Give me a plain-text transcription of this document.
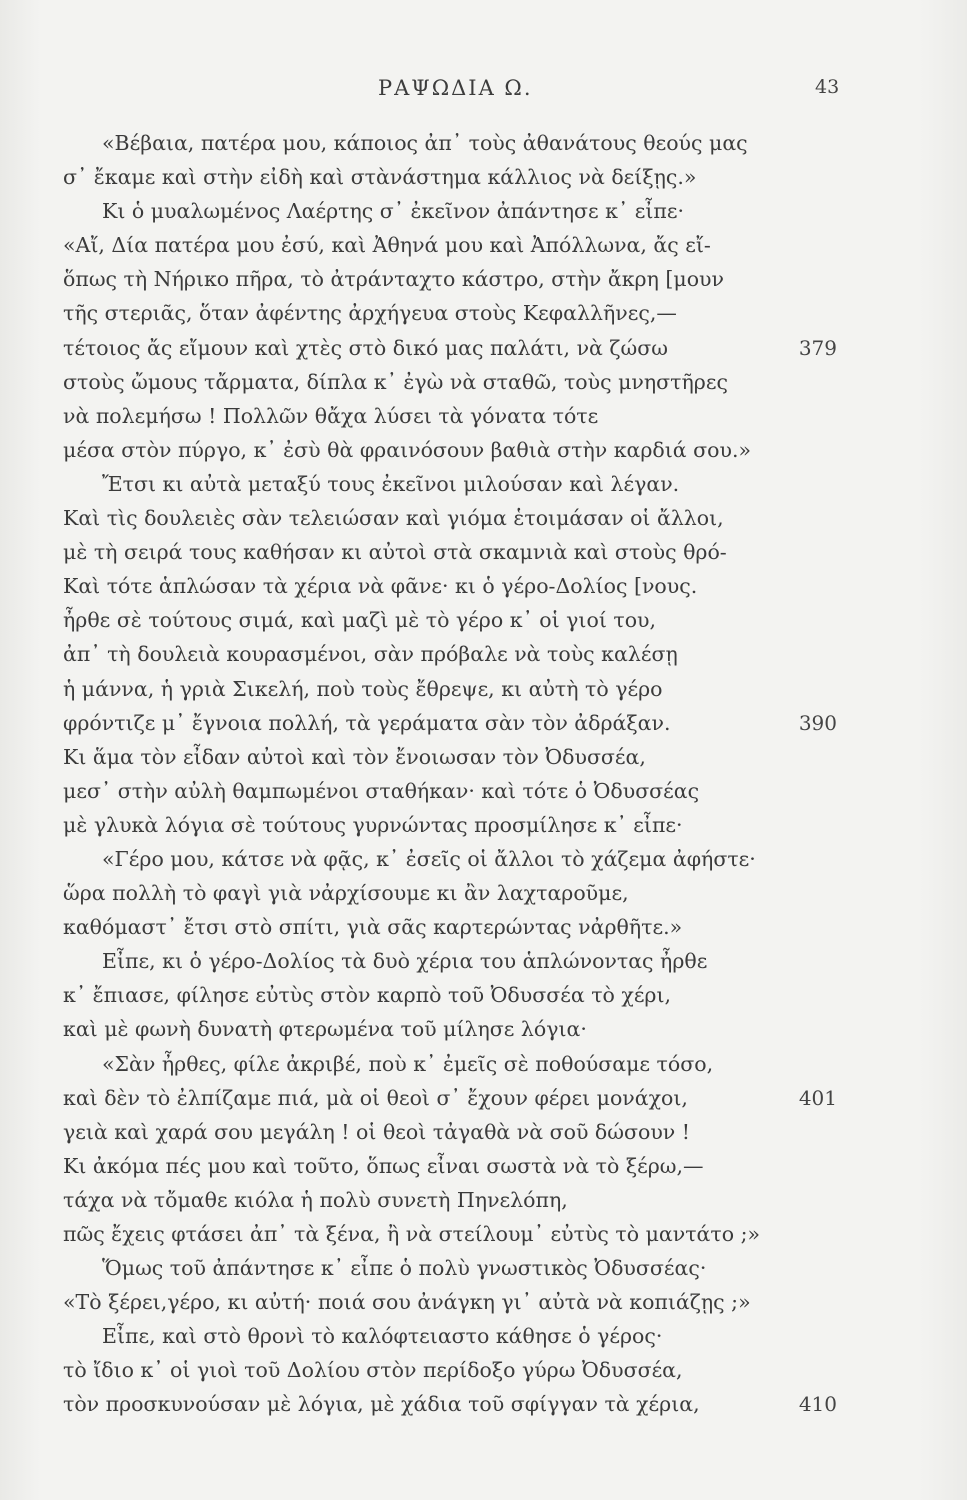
ΡΑΨΩΔΙΑ Ω.	43
«Βέβαια, πατέρα μου, κάποιος ἀπ᾽ τοὺς ἀθανάτους θεούς μας
σ᾽ ἔκαμε καὶ στὴν εἰδὴ καὶ στὰνάστημα κάλλιος νὰ δείξῃς.»
Κι ὁ μυαλωμένος Λαέρτης σ᾽ ἐκεῖνον ἀπάντησε κ᾽ εἶπε·
«Αἴ, Δία πατέρα μου ἐσύ, καὶ Ἀθηνά μου καὶ Ἀπόλλωνα, ἄς εἴ-
ὅπως τὴ Νήρικο πῆρα, τὸ ἀτράνταχτο κάστρο, στὴν ἄκρη [μουν
τῆς στεριᾶς, ὅταν ἀφέντης ἀρχήγευα στοὺς Κεφαλλῆνες,—
τέτοιος ἄς εἴμουν καὶ χτὲς στὸ δικό μας παλάτι, νὰ ζώσω	379
στοὺς ὤμους τἄρματα, δίπλα κ᾽ ἐγὼ νὰ σταθῶ, τοὺς μνηστῆρες
νὰ πολεμήσω ! Πολλῶν θἄχα λύσει τὰ γόνατα τότε
μέσα στὸν πύργο, κ᾽ ἐσὺ θὰ φραινόσουν βαθιὰ στὴν καρδιά σου.»
Ἔτσι κι αὐτὰ μεταξύ τους ἐκεῖνοι μιλούσαν καὶ λέγαν.
Καὶ τὶς δουλειὲς σὰν τελειώσαν καὶ γιόμα ἑτοιμάσαν οἱ ἄλλοι,
μὲ τὴ σειρά τους καθήσαν κι αὐτοὶ στὰ σκαμνιὰ καὶ στοὺς θρό-
Καὶ τότε ἁπλώσαν τὰ χέρια νὰ φᾶνε· κι ὁ γέρο-Δολίος [νους.
ἦρθε σὲ τούτους σιμά, καὶ μαζὶ μὲ τὸ γέρο κ᾽ οἱ γιοί του,
ἀπ᾽ τὴ δουλειὰ κουρασμένοι, σὰν πρόβαλε νὰ τοὺς καλέσῃ
ἡ μάννα, ἡ γριὰ Σικελή, ποὺ τοὺς ἔθρεψε, κι αὐτὴ τὸ γέρο
φρόντιζε μ᾽ ἔγνοια πολλή, τὰ γεράματα σὰν τὸν ἀδράξαν.	390
Κι ἅμα τὸν εἶδαν αὐτοὶ καὶ τὸν ἔνοιωσαν τὸν Ὀδυσσέα,
μεσ᾽ στὴν αὐλὴ θαμπωμένοι σταθήκαν· καὶ τότε ὁ Ὀδυσσέας
μὲ γλυκὰ λόγια σὲ τούτους γυρνώντας προσμίλησε κ᾽ εἶπε·
«Γέρο μου, κάτσε νὰ φᾷς, κ᾽ ἐσεῖς οἱ ἄλλοι τὸ χάζεμα ἀφήστε·
ὥρα πολλὴ τὸ φαγὶ γιὰ νἀρχίσουμε κι ἂν λαχταροῦμε,
καθόμαστ᾽ ἔτσι στὸ σπίτι, γιὰ σᾶς καρτερώντας νἀρθῆτε.»
Εἶπε, κι ὁ γέρο-Δολίος τὰ δυὸ χέρια του ἁπλώνοντας ἦρθε
κ᾽ ἔπιασε, φίλησε εὐτὺς στὸν καρπὸ τοῦ Ὀδυσσέα τὸ χέρι,
καὶ μὲ φωνὴ δυνατὴ φτερωμένα τοῦ μίλησε λόγια·
«Σὰν ἦρθες, φίλε ἀκριβέ, ποὺ κ᾽ ἐμεῖς σὲ ποθούσαμε τόσο,
καὶ δὲν τὸ ἐλπίζαμε πιά, μὰ οἱ θεοὶ σ᾽ ἔχουν φέρει μονάχοι,	401
γειὰ καὶ χαρά σου μεγάλη ! οἱ θεοὶ τἀγαθὰ νὰ σοῦ δώσουν !
Κι ἀκόμα πές μου καὶ τοῦτο, ὅπως εἶναι σωστὰ νὰ τὸ ξέρω,—
τάχα νὰ τὄμαθε κιόλα ἡ πολὺ συνετὴ Πηνελόπη,
πῶς ἔχεις φτάσει ἀπ᾽ τὰ ξένα, ἢ νὰ στείλουμ᾽ εὐτὺς τὸ μαντάτο ;»
Ὅμως τοῦ ἀπάντησε κ᾽ εἶπε ὁ πολὺ γνωστικὸς Ὀδυσσέας·
«Τὸ ξέρει,γέρο, κι αὐτή· ποιά σου ἀνάγκη γι᾽ αὐτὰ νὰ κοπιάζῃς ;»
Εἶπε, καὶ στὸ θρονὶ τὸ καλόφτειαστο κάθησε ὁ γέρος·
τὸ ἴδιο κ᾽ οἱ γιοὶ τοῦ Δολίου στὸν περίδοξο γύρω Ὀδυσσέα,
τὸν προσκυνούσαν μὲ λόγια, μὲ χάδια τοῦ σφίγγαν τὰ χέρια,	410
